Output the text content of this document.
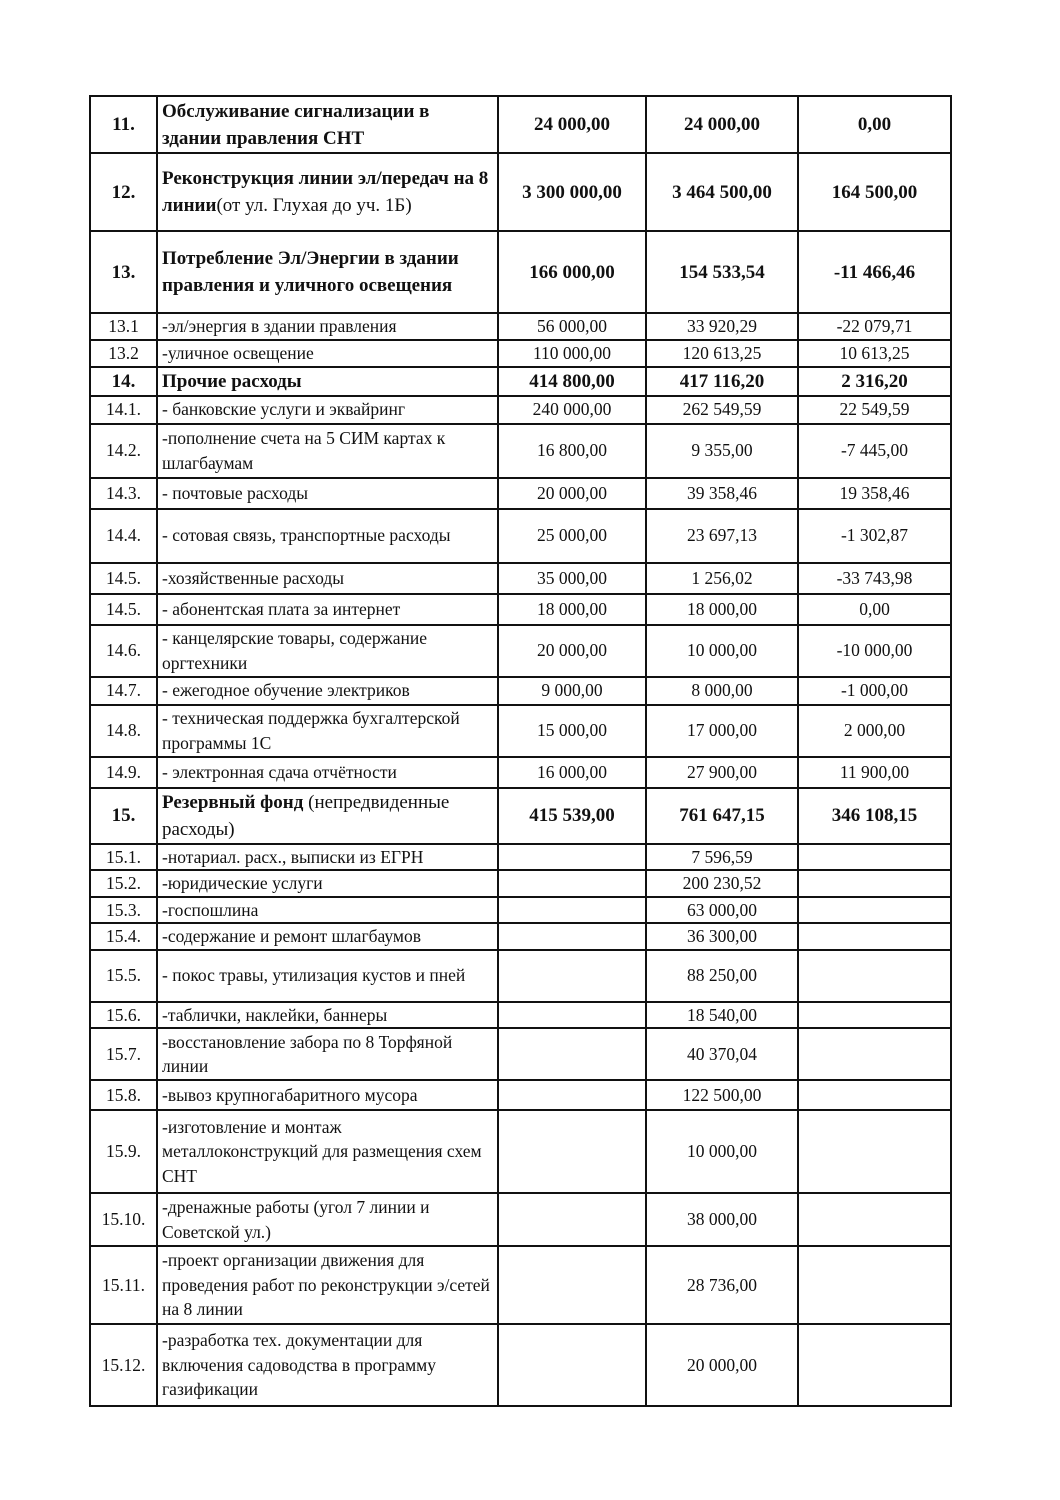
11.	Обслуживание сигнализации в здании правления СНТ	24 000,00	24 000,00	0,00
12.	Реконструкция линии эл/передач на 8 линии(от ул. Глухая до уч. 1Б)	3 300 000,00	3 464 500,00	164 500,00
13.	Потребление Эл/Энергии в здании правления и уличного освещения	166 000,00	154 533,54	-11 466,46
13.1	-эл/энергия в здании правления	56 000,00	33 920,29	-22 079,71
13.2	-уличное освещение	110 000,00	120 613,25	10 613,25
14.	Прочие расходы	414 800,00	417 116,20	2 316,20
14.1.	- банковские услуги и эквайринг	240 000,00	262 549,59	22 549,59
14.2.	-пополнение счета на 5 СИМ картах к шлагбаумам	16 800,00	9 355,00	-7 445,00
14.3.	- почтовые расходы	20 000,00	39 358,46	19 358,46
14.4.	- сотовая связь, транспортные расходы	25 000,00	23 697,13	-1 302,87
14.5.	-хозяйственные расходы	35 000,00	1 256,02	-33 743,98
14.5.	- абонентская плата за интернет	18 000,00	18 000,00	0,00
14.6.	- канцелярские товары, содержание оргтехники	20 000,00	10 000,00	-10 000,00
14.7.	- ежегодное обучение электриков	9 000,00	8 000,00	-1 000,00
14.8.	- техническая поддержка бухгалтерской программы 1С	15 000,00	17 000,00	2 000,00
14.9.	- электронная сдача отчётности	16 000,00	27 900,00	11 900,00
15.	Резервный фонд (непредвиденные расходы)	415 539,00	761 647,15	346 108,15
15.1.	-нотариал. расх., выписки из ЕГРН		7 596,59	
15.2.	-юридические услуги		200 230,52	
15.3.	-госпошлина		63 000,00	
15.4.	-содержание и ремонт шлагбаумов		36 300,00	
15.5.	- покос травы, утилизация кустов и пней		88 250,00	
15.6.	-таблички, наклейки, баннеры		18 540,00	
15.7.	-восстановление забора по 8 Торфяной линии		40 370,04	
15.8.	-вывоз крупногабаритного мусора		122 500,00	
15.9.	-изготовление и монтаж металлоконструкций для размещения схем СНТ		10 000,00	
15.10.	-дренажные работы (угол 7 линии и Советской ул.)		38 000,00	
15.11.	-проект организации движения для проведения работ по реконструкции э/сетей на 8 линии		28 736,00	
15.12.	-разработка тех. документации для включения садоводства в программу газификации		20 000,00	
